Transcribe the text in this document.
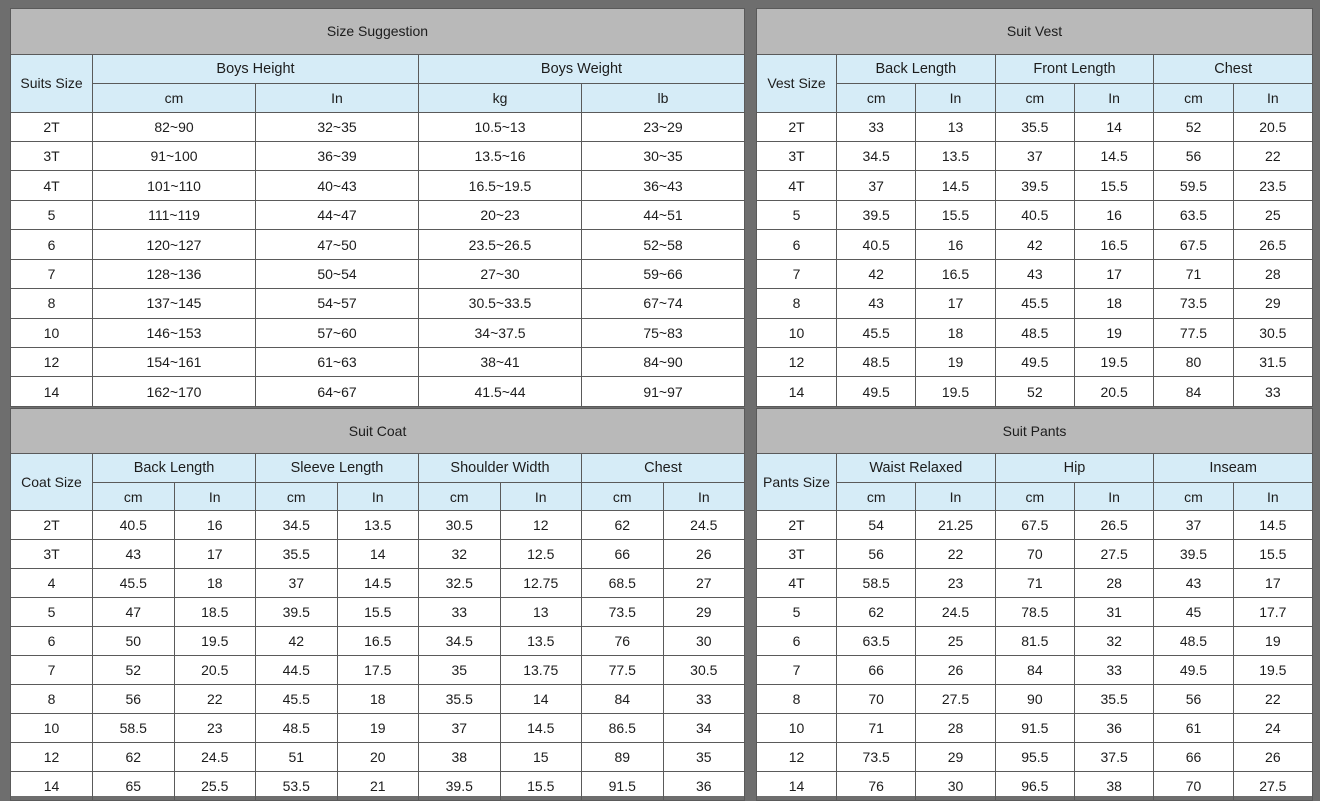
Size Suggestion				
Suits Size	Boys Height		Boys Weight	
	cm	In	kg	lb
2T	82~90	32~35	10.5~13	23~29
3T	91~100	36~39	13.5~16	30~35
4T	101~110	40~43	16.5~19.5	36~43
5	111~119	44~47	20~23	44~51
6	120~127	47~50	23.5~26.5	52~58
7	128~136	50~54	27~30	59~66
8	137~145	54~57	30.5~33.5	67~74
10	146~153	57~60	34~37.5	75~83
12	154~161	61~63	38~41	84~90
14	162~170	64~67	41.5~44	91~97
Suit Vest						
Vest Size	Back Length		Front Length		Chest	
	cm	In	cm	In	cm	In
2T	33	13	35.5	14	52	20.5
3T	34.5	13.5	37	14.5	56	22
4T	37	14.5	39.5	15.5	59.5	23.5
5	39.5	15.5	40.5	16	63.5	25
6	40.5	16	42	16.5	67.5	26.5
7	42	16.5	43	17	71	28
8	43	17	45.5	18	73.5	29
10	45.5	18	48.5	19	77.5	30.5
12	48.5	19	49.5	19.5	80	31.5
14	49.5	19.5	52	20.5	84	33
Suit Coat								
Coat Size	Back Length		Sleeve Length		Shoulder Width		Chest	
	cm	In	cm	In	cm	In	cm	In
2T	40.5	16	34.5	13.5	30.5	12	62	24.5
3T	43	17	35.5	14	32	12.5	66	26
4	45.5	18	37	14.5	32.5	12.75	68.5	27
5	47	18.5	39.5	15.5	33	13	73.5	29
6	50	19.5	42	16.5	34.5	13.5	76	30
7	52	20.5	44.5	17.5	35	13.75	77.5	30.5
8	56	22	45.5	18	35.5	14	84	33
10	58.5	23	48.5	19	37	14.5	86.5	34
12	62	24.5	51	20	38	15	89	35
14	65	25.5	53.5	21	39.5	15.5	91.5	36
Suit Pants						
Pants Size	Waist Relaxed		Hip		Inseam	
	cm	In	cm	In	cm	In
2T	54	21.25	67.5	26.5	37	14.5
3T	56	22	70	27.5	39.5	15.5
4T	58.5	23	71	28	43	17
5	62	24.5	78.5	31	45	17.7
6	63.5	25	81.5	32	48.5	19
7	66	26	84	33	49.5	19.5
8	70	27.5	90	35.5	56	22
10	71	28	91.5	36	61	24
12	73.5	29	95.5	37.5	66	26
14	76	30	96.5	38	70	27.5
